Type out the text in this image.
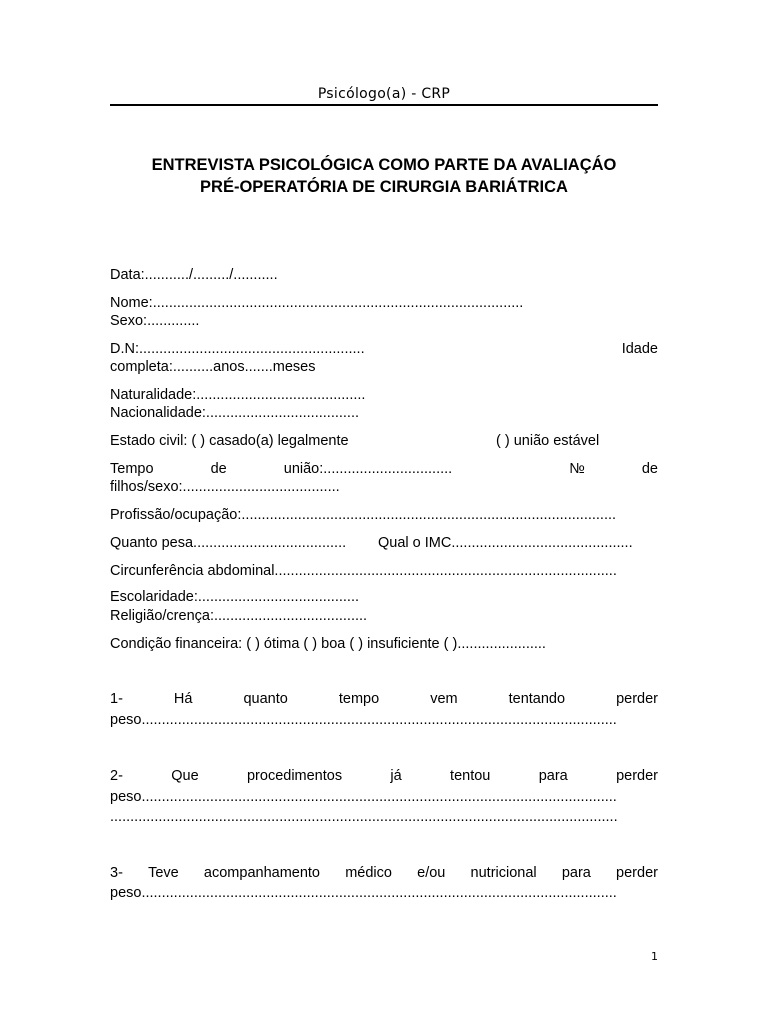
Psicólogo(a) - CRP
ENTREVISTA PSICOLÓGICA COMO PARTE DA AVALIAÇÁO
PRÉ-OPERATÓRIA DE CIRURGIA BARIÁTRICA
Data:.........../........./...........
Nome:............................................................................................
Sexo:.............
D.N:........................................................	Idade
completa:..........anos.......meses
Naturalidade:..........................................
Nacionalidade:......................................
Estado civil: ( ) casado(a) legalmente	( ) união estável
Tempo	de	união:................................	№	de
filhos/sexo:.......................................
Profissão/ocupação:.............................................................................................
Quanto pesa...................................... Qual o IMC.............................................
Circunferência abdominal.....................................................................................
Escolaridade:........................................
Religião/crença:......................................
Condição financeira: ( ) ótima ( ) boa ( ) insuficiente ( )......................
1-	Há	quanto	tempo	vem	tentando	perder
peso......................................................................................................................
2-	Que	procedimentos	já	tentou	para	perder
peso......................................................................................................................
..............................................................................................................................
3- Teve acompanhamento médico e/ou nutricional para perder
peso......................................................................................................................
1
